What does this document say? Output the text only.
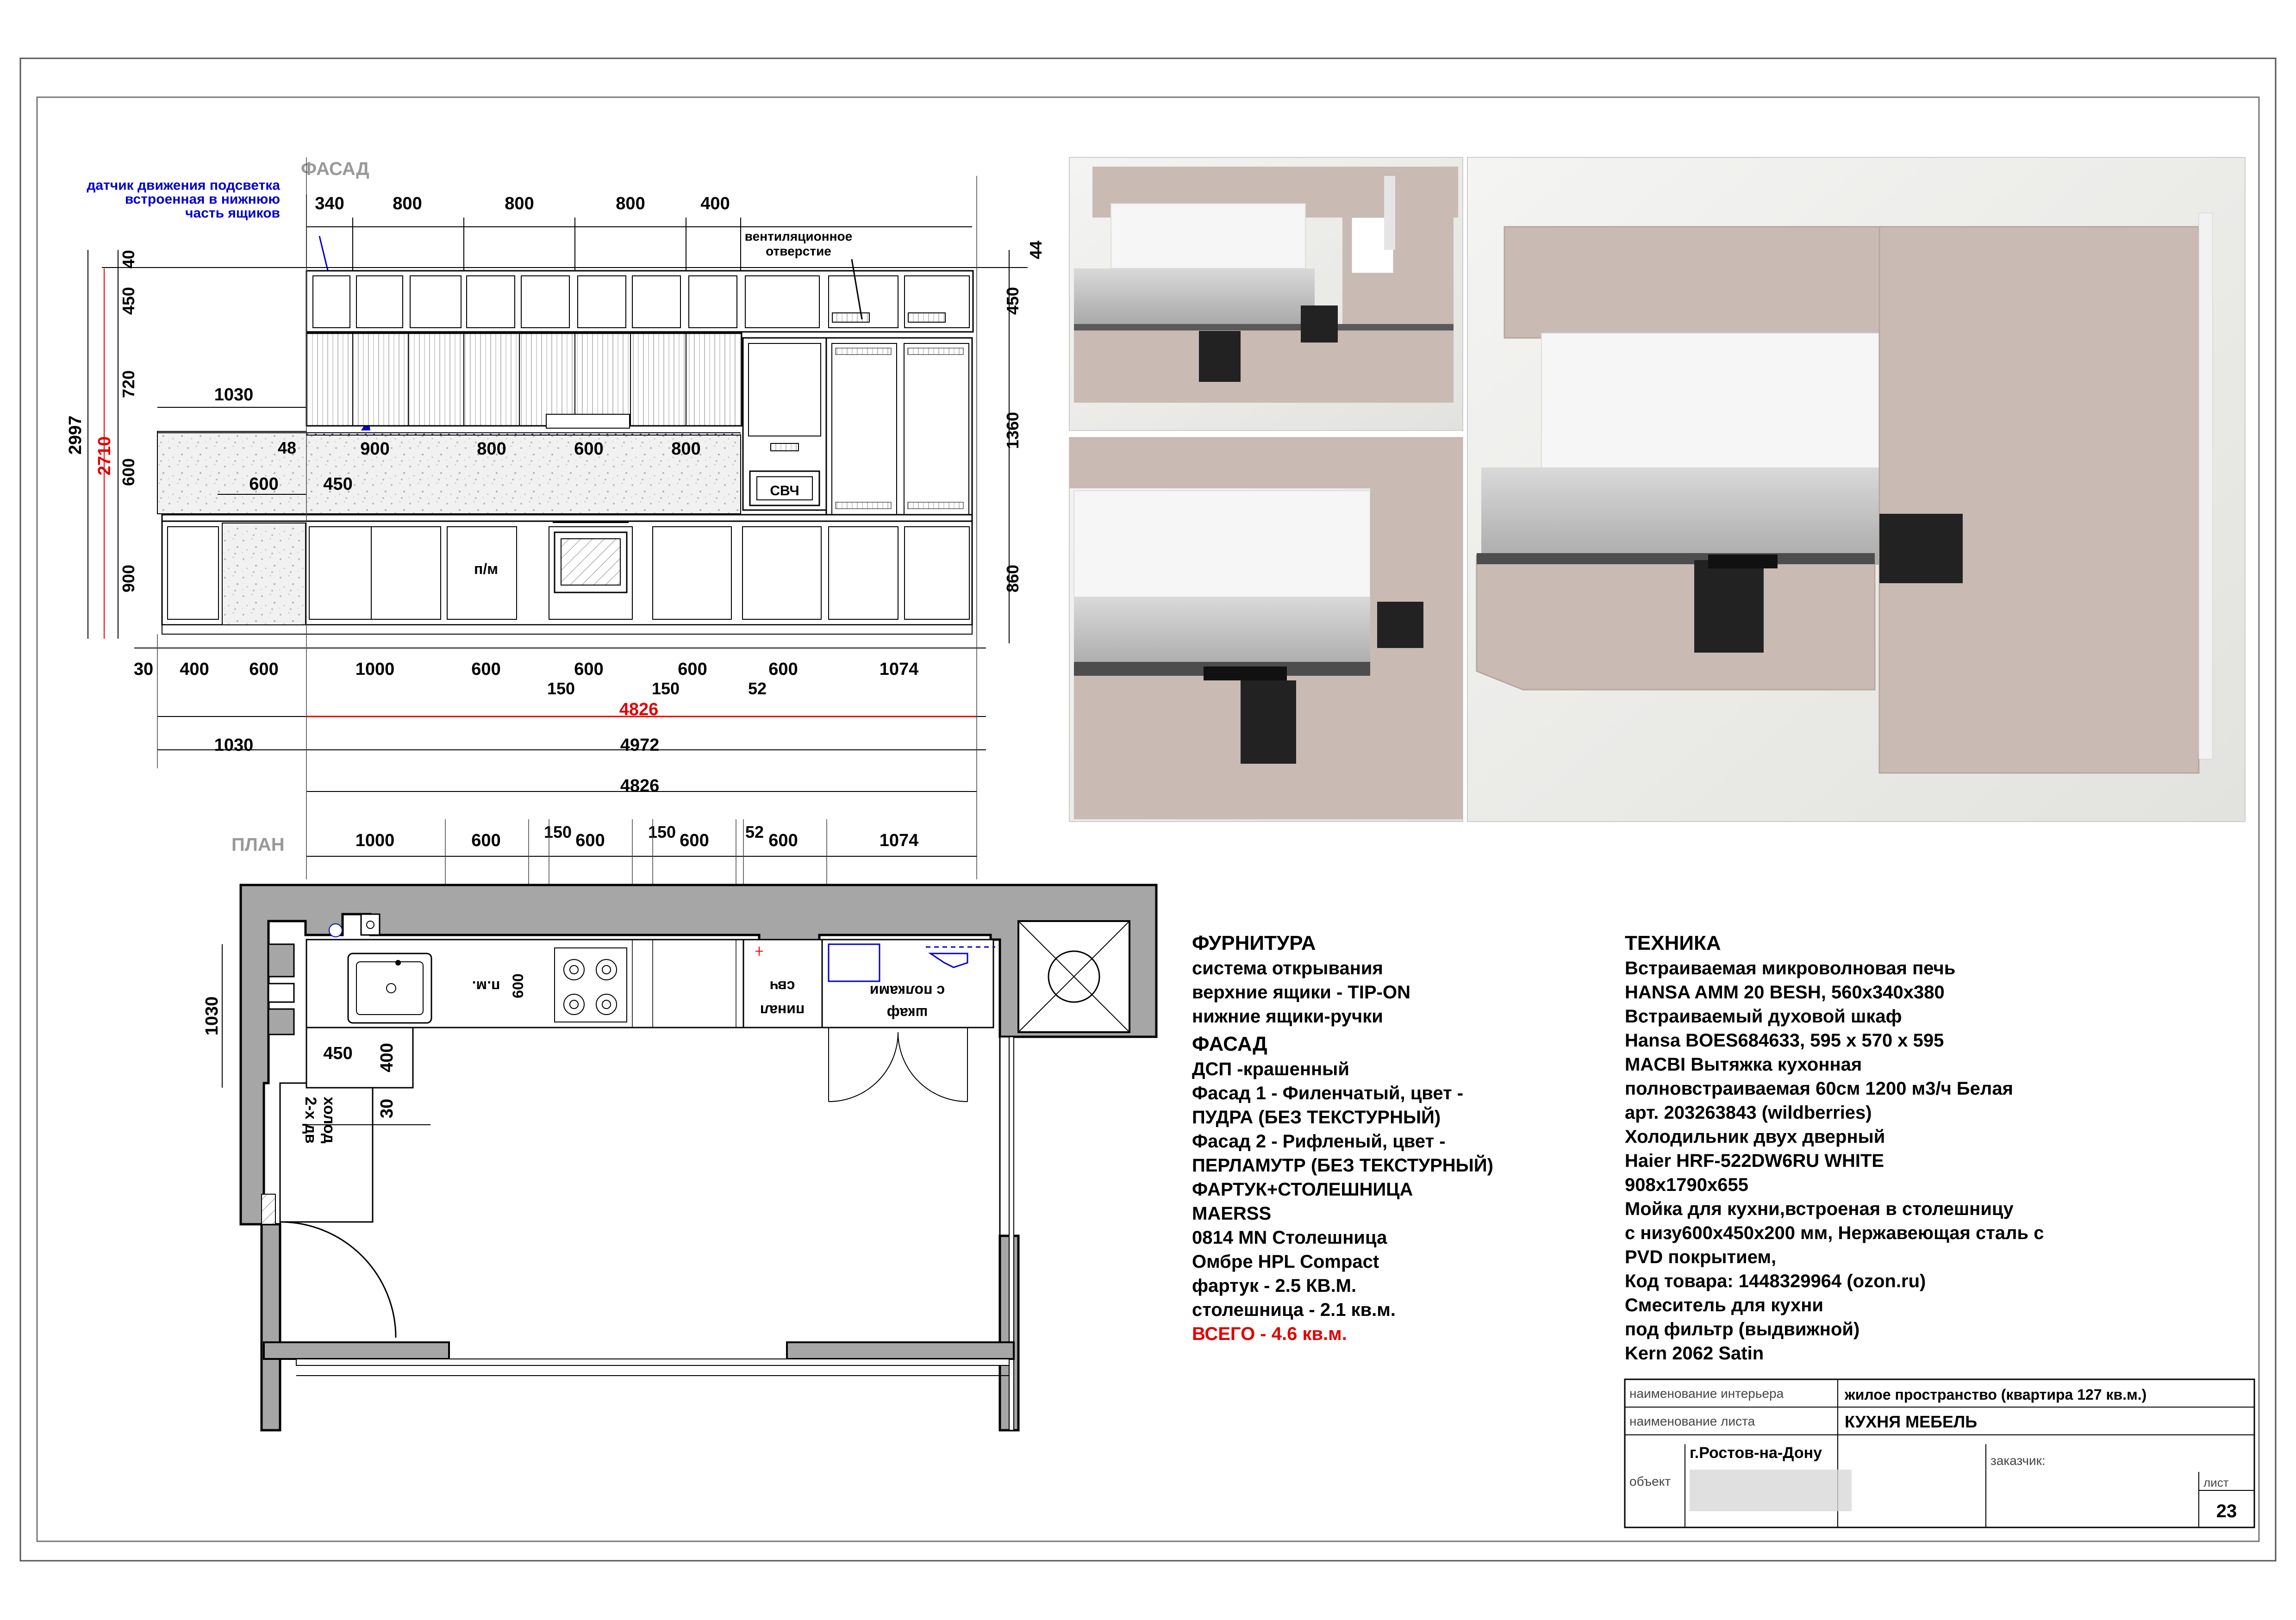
ФАСАД
датчик движения подсветка
встроенная в нижнюю
часть ящиков 340	800	800	800	400
вентиляционное
отверстие
СВЧ
п/м
40
450
720
600
900
2997
2710
1030
48
600	450
900	800	600	800
44
450
1360
860
30 400 600	1000	600	600	600	600	1074
150	150	52
4826
1030	4972
4826
ПЛАН	1000	600	150 600	150 600 52 600	1074
холод
2-х дв
п.м. 600	свч
пинал
с полками
шкаф
1030
450 400
30
наименование интерьера	жилое пространство (квартира 127 кв.м.)
наименование листа	КУХНЯ МЕБЕЛЬ
объект
г.Ростов-на-Дону	заказчик:
лист
23
ФУРНИТУРА
система открывания
верхние ящики - TIP-ON
нижние ящики-ручки
ФАСАД
ДСП -крашенный
Фасад 1 - Филенчатый, цвет -
ПУДРА (БЕЗ ТЕКСТУРНЫЙ)
Фасад 2 - Рифленый, цвет -
ПЕРЛАМУТР (БЕЗ ТЕКСТУРНЫЙ)
ФАРТУК+СТОЛЕШНИЦА
MAERSS
0814 MN Столешница
Омбре HPL Compact
фартук - 2.5 КВ.М.
столешница - 2.1 кв.м.
ВСЕГО - 4.6 кв.м.
ТЕХНИКА
Встраиваемая микроволновая печь
HANSA AMM 20 BESH, 560x340x380
Встраиваемый духовой шкаф
Hansa BOES684633, 595 x 570 x 595
MACBI Вытяжка кухонная
полновстраиваемая 60см 1200 м3/ч Белая
арт. 203263843 (wildberries)
Холодильник двух дверный
Haier HRF-522DW6RU WHITE
908x1790x655
Мойка для кухни,встроеная в столешницу
с низу600x450x200 мм, Нержавеющая сталь с
PVD покрытием,
Код товара: 1448329964 (ozon.ru)
Смеситель для кухни
под фильтр (выдвижной)
Kern 2062 Satin
